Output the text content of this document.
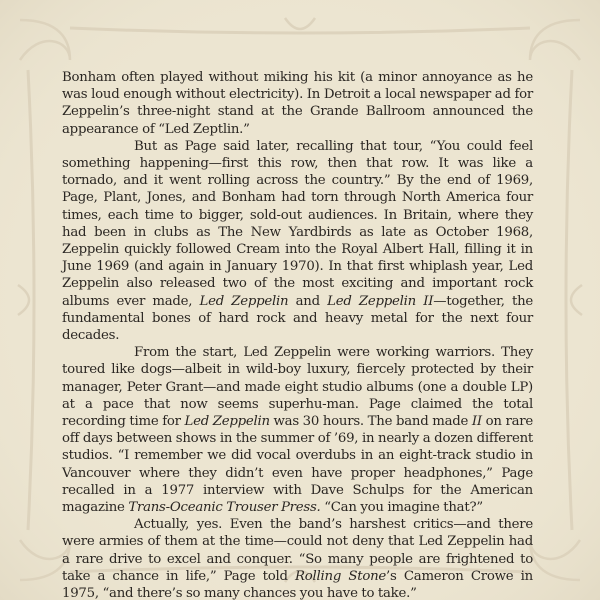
Bonham often played without miking his kit (a minor annoyance as he was loud enough without electricity). In Detroit a local newspaper ad for Zeppelin’s three-night stand at the Grande Ballroom announced the appearance of “Led Zeptlin.”

But as Page said later, recalling that tour, “You could feel something happening—first this row, then that row. It was like a tornado, and it went rolling across the country.” By the end of 1969, Page, Plant, Jones, and Bonham had torn through North America four times, each time to bigger, sold-out audiences. In Britain, where they had been in clubs as The New Yardbirds as late as October 1968, Zeppelin quickly followed Cream into the Royal Albert Hall, filling it in June 1969 (and again in January 1970). In that first whiplash year, Led Zeppelin also released two of the most exciting and important rock albums ever made, Led Zeppelin and Led Zeppelin II—together, the fundamental bones of hard rock and heavy metal for the next four decades.

From the start, Led Zeppelin were working warriors. They toured like dogs—albeit in wild-boy luxury, fiercely protected by their manager, Peter Grant—and made eight studio albums (one a double LP) at a pace that now seems superhu-man. Page claimed the total recording time for Led Zeppelin was 30 hours. The band made II on rare off days between shows in the summer of ’69, in nearly a dozen different studios. “I remember we did vocal overdubs in an eight-track studio in Vancouver where they didn’t even have proper headphones,” Page recalled in a 1977 interview with Dave Schulps for the American magazine Trans-Oceanic Trouser Press. “Can you imagine that?”

Actually, yes. Even the band’s harshest critics—and there were armies of them at the time—could not deny that Led Zeppelin had a rare drive to excel and conquer. “So many people are frightened to take a chance in life,” Page told Rolling Stone’s Cameron Crowe in 1975, “and there’s so many chances you have to take.”
